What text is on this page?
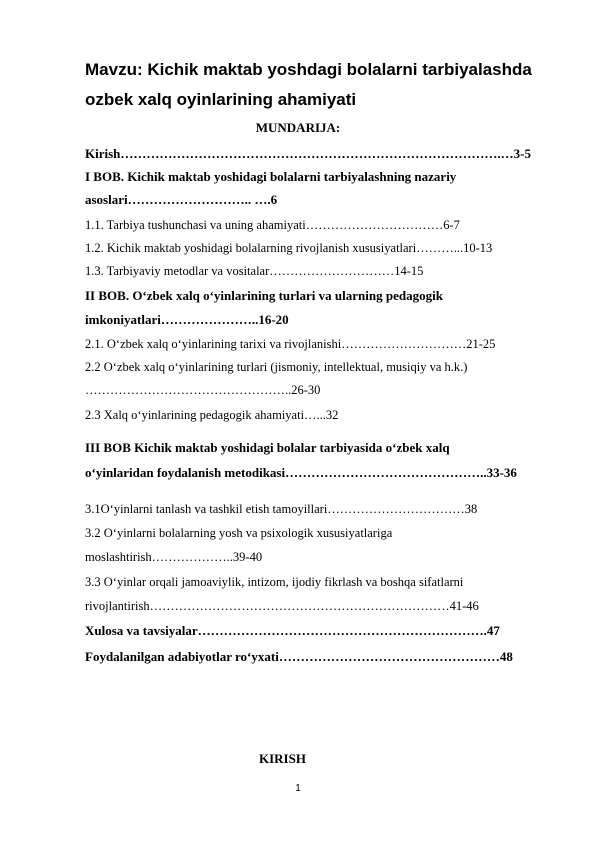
Mavzu: Kichik maktab yoshdagi bolalarni tarbiyalashda
ozbek xalq oyinlarining ahamiyati
MUNDARIJA:
Kirish…………………………………………………………………………….…3-5
I BOB. Kichik maktab yoshidagi bolalarni tarbiyalashning nazariy
asoslari……………………….. ….6
1.1. Tarbiya tushunchasi va uning ahamiyati……………………………6-7
1.2. Kichik maktab yoshidagi bolalarning rivojlanish xususiyatlari………...10-13
1.3. Tarbiyaviy metodlar va vositalar…………………………14-15
II BOB. O‘zbek xalq o‘yinlarining turlari va ularning pedagogik
imkoniyatlari…………………..16-20
2.1. O‘zbek xalq o‘yinlarining tarixi va rivojlanishi…………………………21-25
2.2 O‘zbek xalq o‘yinlarining turlari (jismoniy, intellektual, musiqiy va h.k.)
…………………………………………..26-30
2.3 Xalq o‘yinlarining pedagogik ahamiyati…...32
III BOB Kichik maktab yoshidagi bolalar tarbiyasida o‘zbek xalq
o‘yinlaridan foydalanish metodikasi………………………………………..33-36
3.1O‘yinlarni tanlash va tashkil etish tamoyillari……………………………38
3.2 O‘yinlarni bolalarning yosh va psixologik xususiyatlariga
moslashtirish………………..39-40
3.3 O‘yinlar orqali jamoaviylik, intizom, ijodiy fikrlash va boshqa sifatlarni
rivojlantirish………………………………………………………………41-46
Xulosa va tavsiyalar………………………………………………………….47
Foydalanilgan adabiyotlar ro‘yxati……………………………………………48
KIRISH
1
